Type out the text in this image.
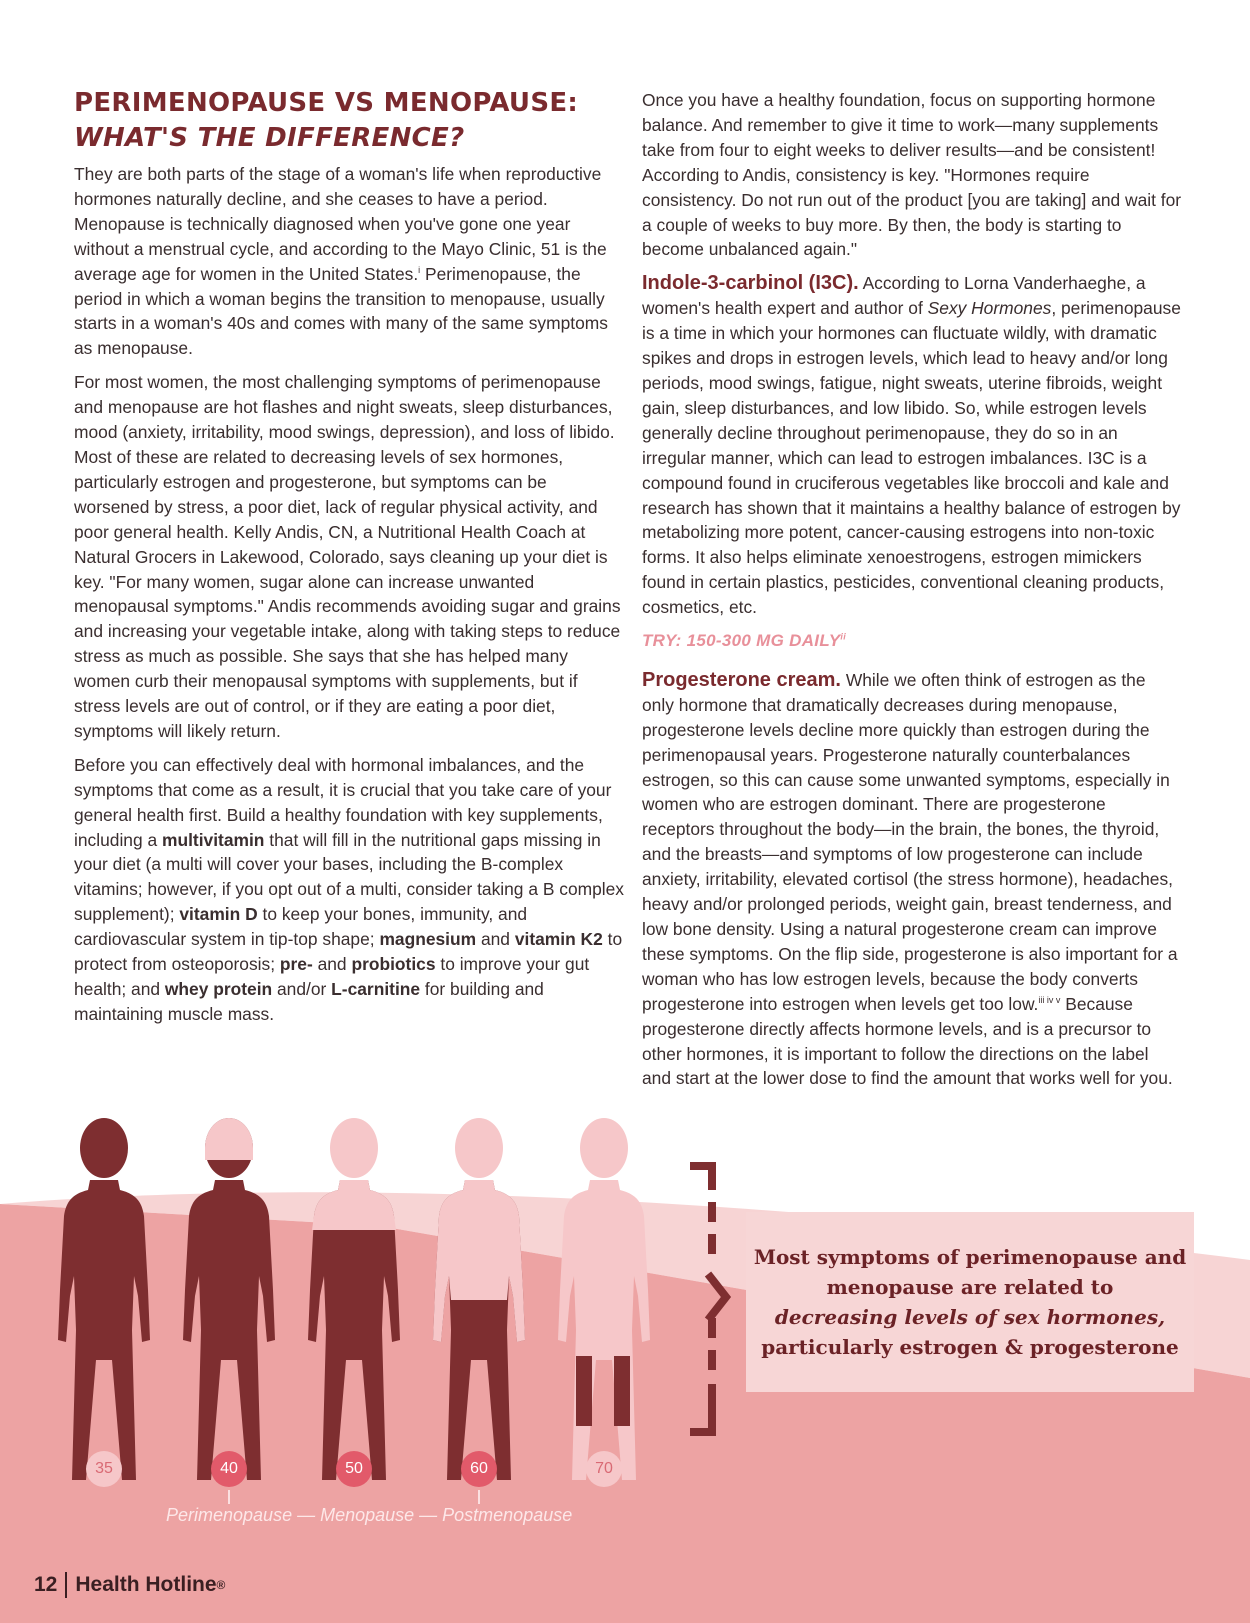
PERIMENOPAUSE VS MENOPAUSE:
WHAT'S THE DIFFERENCE?

They are both parts of the stage of a woman's life when reproductive hormones naturally decline, and she ceases to have a period. Menopause is technically diagnosed when you've gone one year without a menstrual cycle, and according to the Mayo Clinic, 51 is the average age for women in the United States.$^i$ Perimenopause, the period in which a woman begins the transition to menopause, usually starts in a woman's 40s and comes with many of the same symptoms as menopause.

For most women, the most challenging symptoms of perimenopause and menopause are hot flashes and night sweats, sleep disturbances, mood (anxiety, irritability, mood swings, depression), and loss of libido. Most of these are related to decreasing levels of sex hormones, particularly estrogen and progesterone, but symptoms can be worsened by stress, a poor diet, lack of regular physical activity, and poor general health. Kelly Andis, CN, a Nutritional Health Coach at Natural Grocers in Lakewood, Colorado, says cleaning up your diet is key. "For many women, sugar alone can increase unwanted menopausal symptoms." Andis recommends avoiding sugar and grains and increasing your vegetable intake, along with taking steps to reduce stress as much as possible. She says that she has helped many women curb their menopausal symptoms with supplements, but if stress levels are out of control, or if they are eating a poor diet, symptoms will likely return.

Before you can effectively deal with hormonal imbalances, and the symptoms that come as a result, it is crucial that you take care of your general health first. Build a healthy foundation with key supplements, including a multivitamin that will fill in the nutritional gaps missing in your diet (a multi will cover your bases, including the B-complex vitamins; however, if you opt out of a multi, consider taking a B complex supplement); vitamin D to keep your bones, immunity, and cardiovascular system in tip-top shape; magnesium and vitamin K2 to protect from osteoporosis; pre- and probiotics to improve your gut health; and whey protein and/or L-carnitine for building and maintaining muscle mass.

Once you have a healthy foundation, focus on supporting hormone balance. And remember to give it time to work—many supplements take from four to eight weeks to deliver results—and be consistent! According to Andis, consistency is key. "Hormones require consistency. Do not run out of the product [you are taking] and wait for a couple of weeks to buy more. By then, the body is starting to become unbalanced again."

Indole-3-carbinol (I3C). According to Lorna Vanderhaeghe, a women's health expert and author of Sexy Hormones, perimenopause is a time in which your hormones can fluctuate wildly, with dramatic spikes and drops in estrogen levels, which lead to heavy and/or long periods, mood swings, fatigue, night sweats, uterine fibroids, weight gain, sleep disturbances, and low libido. So, while estrogen levels generally decline throughout perimenopause, they do so in an irregular manner, which can lead to estrogen imbalances. I3C is a compound found in cruciferous vegetables like broccoli and kale and research has shown that it maintains a healthy balance of estrogen by metabolizing more potent, cancer-causing estrogens into non-toxic forms. It also helps eliminate xenoestrogens, estrogen mimickers found in certain plastics, pesticides, conventional cleaning products, cosmetics, etc.

TRY: 150-300 MG DAILY$^{ii}$

Progesterone cream. While we often think of estrogen as the only hormone that dramatically decreases during menopause, progesterone levels decline more quickly than estrogen during the perimenopausal years. Progesterone naturally counterbalances estrogen, so this can cause some unwanted symptoms, especially in women who are estrogen dominant. There are progesterone receptors throughout the body—in the brain, the bones, the thyroid, and the breasts—and symptoms of low progesterone can include anxiety, irritability, elevated cortisol (the stress hormone), headaches, heavy and/or prolonged periods, weight gain, breast tenderness, and low bone density. Using a natural progesterone cream can improve these symptoms. On the flip side, progesterone is also important for a woman who has low estrogen levels, because the body converts progesterone into estrogen when levels get too low.$^{iii iv v}$ Because progesterone directly affects hormone levels, and is a precursor to other hormones, it is important to follow the directions on the label and start at the lower dose to find the amount that works well for you.

Most symptoms of perimenopause and
menopause are related to
decreasing levels of sex hormones,
particularly estrogen & progesterone
35	40	50	60	70
Perimenopause — Menopause — Postmenopause
12 Health Hotline ®
